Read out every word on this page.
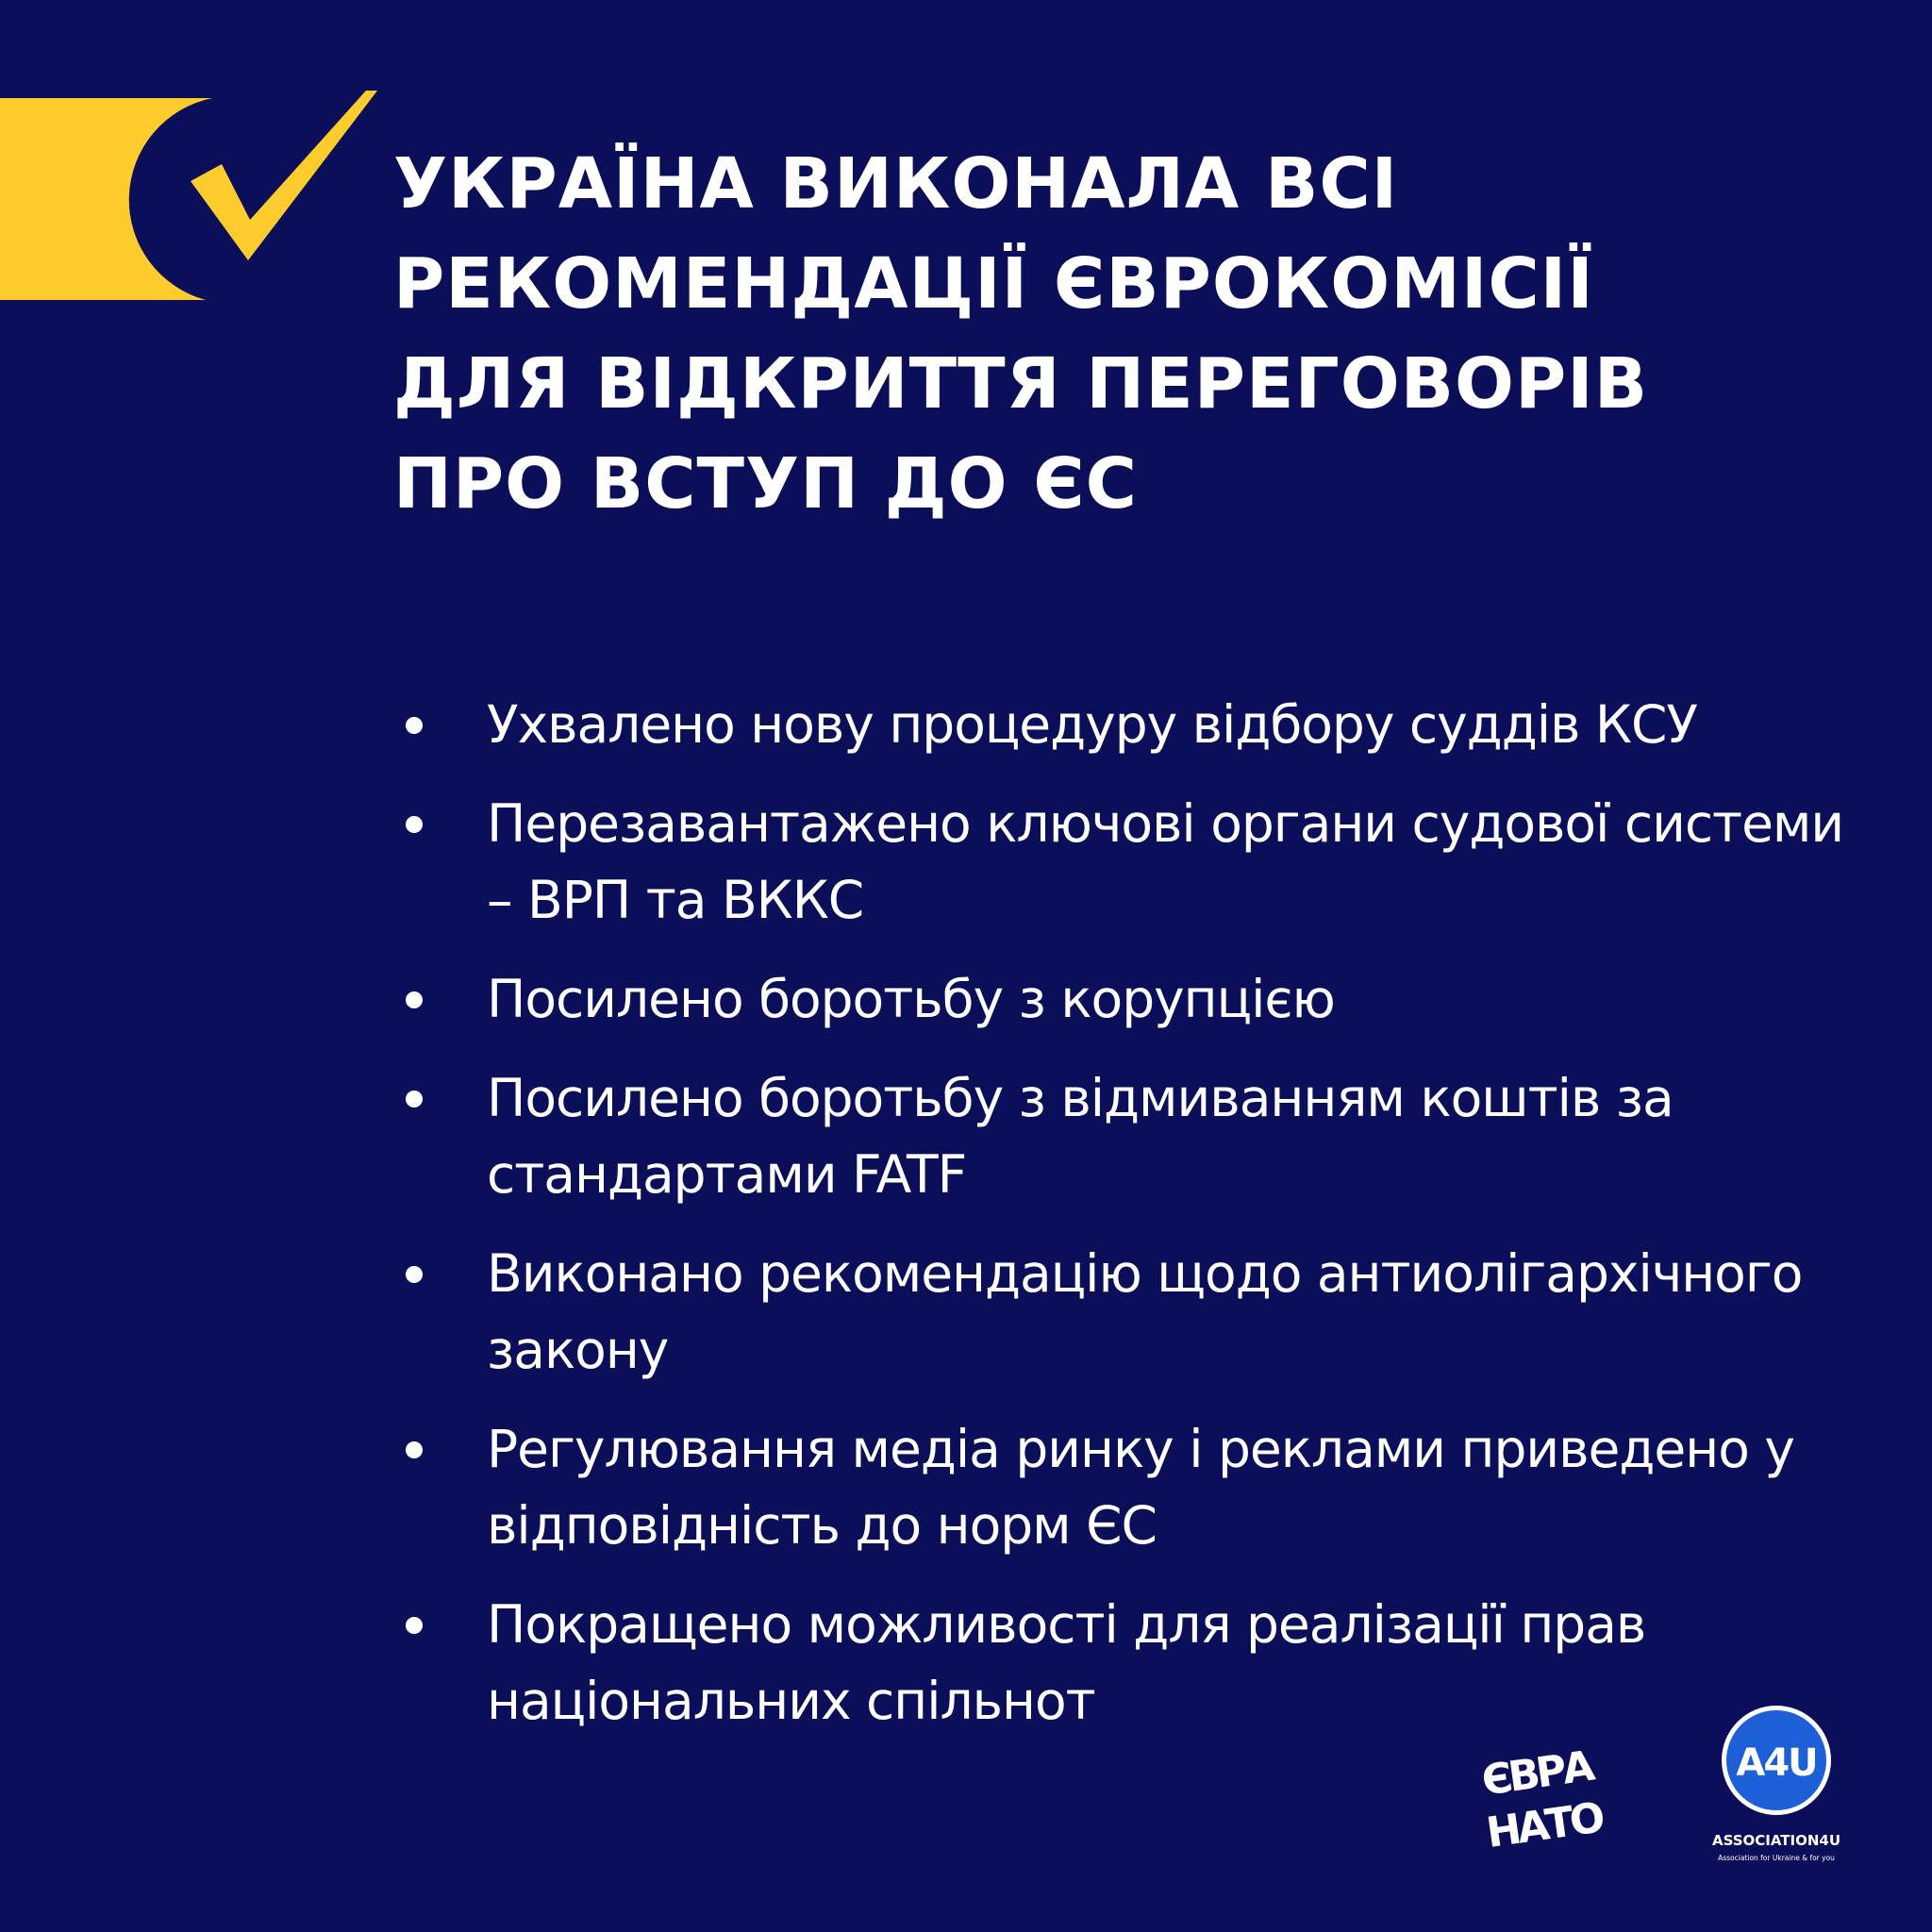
УКРАЇНА ВИКОНАЛА ВСІ
РЕКОМЕНДАЦІЇ ЄВРОКОМІСІЇ
ДЛЯ ВІДКРИТТЯ ПЕРЕГОВОРІВ
ПРО ВСТУП ДО ЄС
Ухвалено нову процедуру відбору суддів КСУ
Перезавантажено ключові органи судової системи – ВРП та ВККС
Посилено боротьбу з корупцією
Посилено боротьбу з відмиванням коштів за стандартами FATF
Виконано рекомендацію щодо антиолігархічного закону
Регулювання медіа ринку і реклами приведено у відповідність до норм ЄС
Покращено можливості для реалізації прав національних спільнот
ЄВРА
НАТО
A4U
ASSOCIATION4U
Association for Ukraine & for you
